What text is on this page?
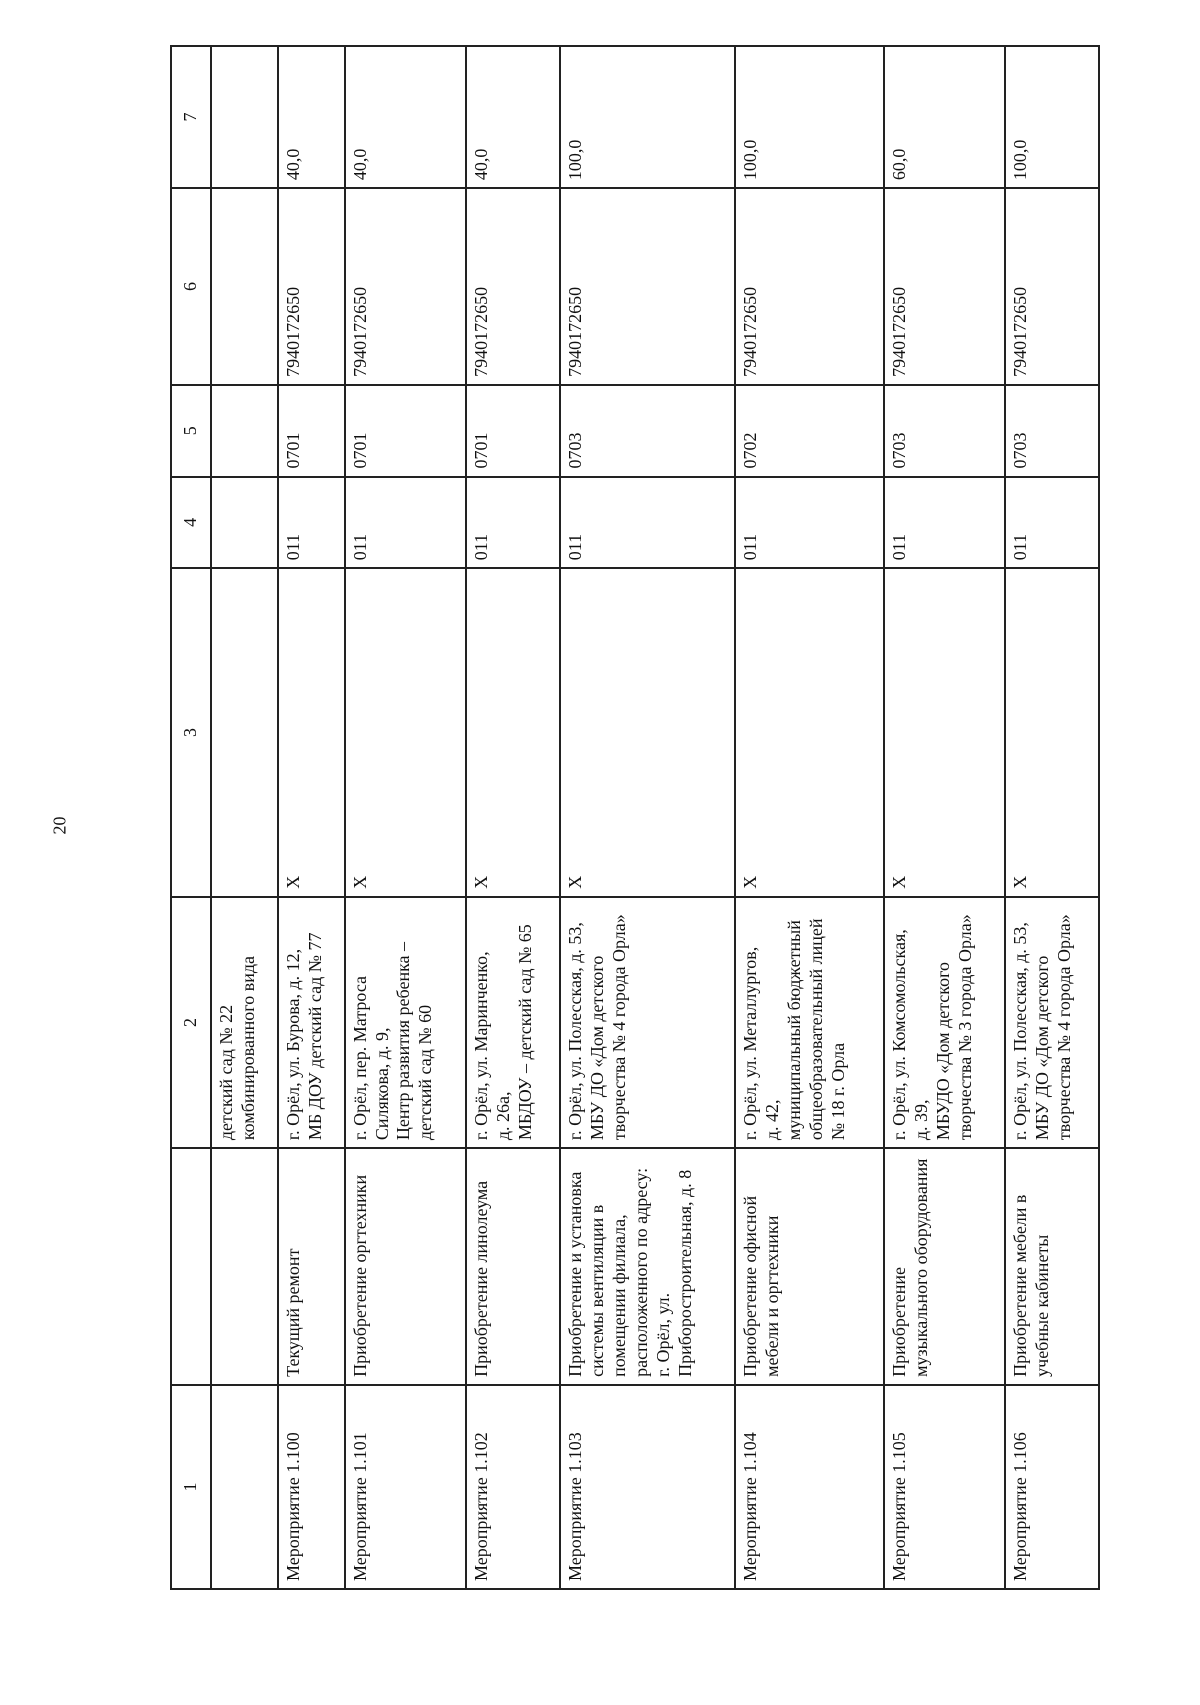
20
1		2	3	4	5	6	7

		детский сад № 22 комбинированного вида					

Мероприятие 1.100	Текущий ремонт	г. Орёл, ул. Бурова, д. 12, МБ ДОУ детский сад № 77	Х	011	0701	7940172650	40,0
Мероприятие 1.101	Приобретение оргтехники	г. Орёл, пер. Матроса Силякова, д. 9, Центр развития ребенка – детский сад № 60	Х	011	0701	7940172650	40,0
Мероприятие 1.102	Приобретение линолеума	г. Орёл, ул. Маринченко, д. 26а, МБДОУ – детский сад № 65	Х	011	0701	7940172650	40,0
Мероприятие 1.103	Приобретение и установка системы вентиляции в помещении филиала, расположенного по адресу: г. Орёл, ул. Приборостроительная, д. 8	г. Орёл, ул. Полесская, д. 53, МБУ ДО «Дом детского творчества № 4 города Орла»	Х	011	0703	7940172650	100,0
Мероприятие 1.104	Приобретение офисной мебели и оргтехники	г. Орёл, ул. Металлургов, д. 42, муниципальный бюджетный общеобразовательный лицей № 18 г. Орла	Х	011	0702	7940172650	100,0
Мероприятие 1.105	Приобретение музыкального оборудования	г. Орёл, ул. Комсомольская, д. 39, МБУДО «Дом детского творчества № 3 города Орла»	Х	011	0703	7940172650	60,0
Мероприятие 1.106	Приобретение мебели в учебные кабинеты	г. Орёл, ул. Полесская, д. 53, МБУ ДО «Дом детского творчества № 4 города Орла»	Х	011	0703	7940172650	100,0
